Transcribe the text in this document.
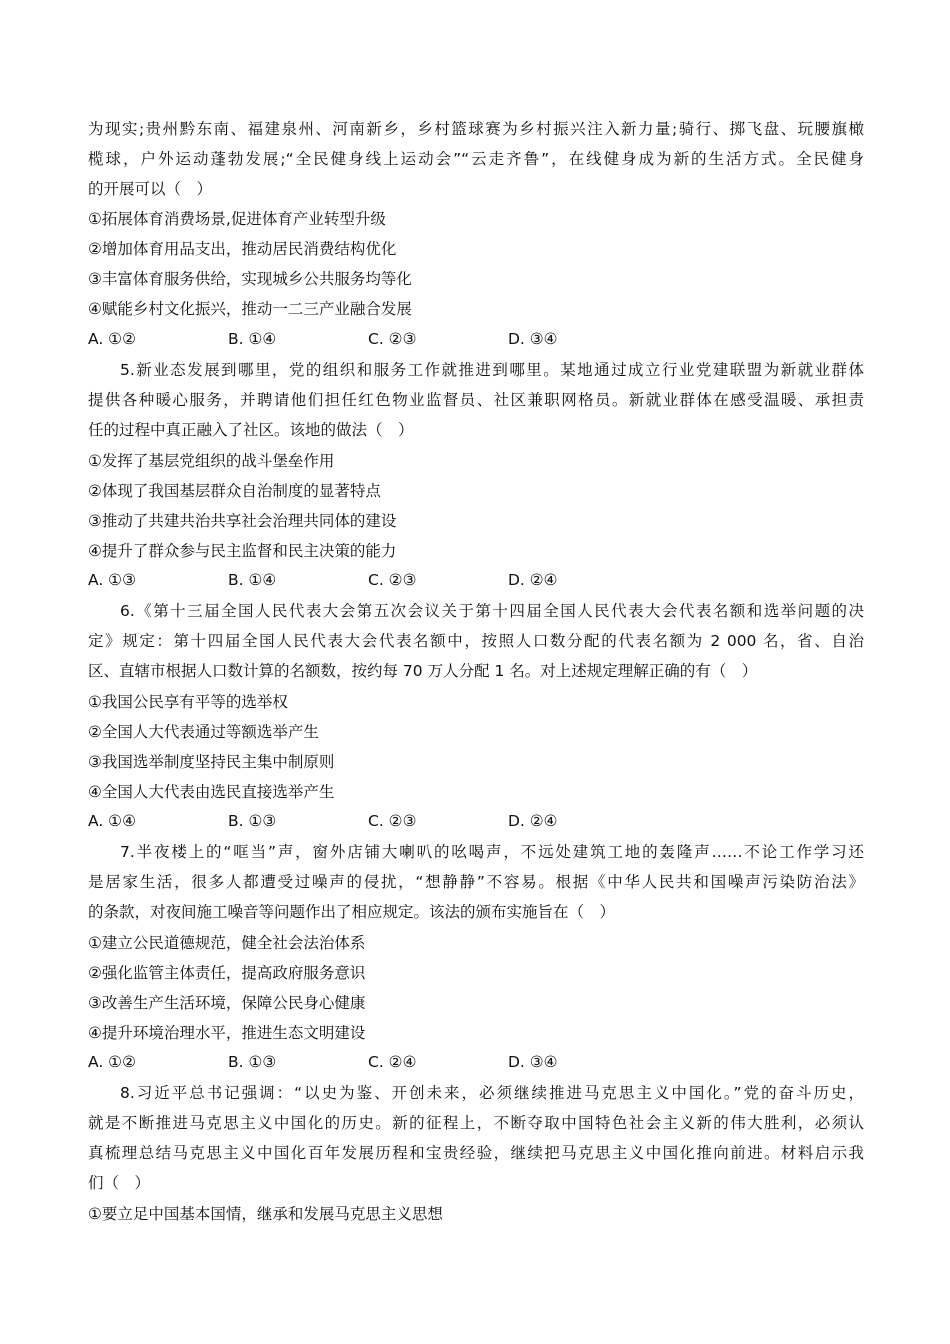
为现实;贵州黔东南、福建泉州、河南新乡，乡村篮球赛为乡村振兴注入新力量;骑行、掷飞盘、玩腰旗橄
榄球，户外运动蓬勃发展;“全民健身线上运动会”“云走齐鲁”，在线健身成为新的生活方式。全民健身
的开展可以（　）
①拓展体育消费场景,促进体育产业转型升级
②增加体育用品支出，推动居民消费结构优化
③丰富体育服务供给，实现城乡公共服务均等化
④赋能乡村文化振兴，推动一二三产业融合发展
A. ①②	B. ①④	C. ②③	D. ③④
5.新业态发展到哪里，党的组织和服务工作就推进到哪里。某地通过成立行业党建联盟为新就业群体
提供各种暖心服务，并聘请他们担任红色物业监督员、社区兼职网格员。新就业群体在感受温暖、承担责
任的过程中真正融入了社区。该地的做法（　）
①发挥了基层党组织的战斗堡垒作用
②体现了我国基层群众自治制度的显著特点
③推动了共建共治共享社会治理共同体的建设
④提升了群众参与民主监督和民主决策的能力
A. ①③	B. ①④	C. ②③	D. ②④
6.《第十三届全国人民代表大会第五次会议关于第十四届全国人民代表大会代表名额和选举问题的决
定》规定：第十四届全国人民代表大会代表名额中，按照人口数分配的代表名额为 2 000 名，省、自治
区、直辖市根据人口数计算的名额数，按约每 70 万人分配 1 名。对上述规定理解正确的有（　）
①我国公民享有平等的选举权
②全国人大代表通过等额选举产生
③我国选举制度坚持民主集中制原则
④全国人大代表由选民直接选举产生
A. ①④	B. ①③	C. ②③	D. ②④
7.半夜楼上的“哐当”声，窗外店铺大喇叭的吆喝声，不远处建筑工地的轰隆声……不论工作学习还
是居家生活，很多人都遭受过噪声的侵扰，“想静静”不容易。根据《中华人民共和国噪声污染防治法》
的条款，对夜间施工噪音等问题作出了相应规定。该法的颁布实施旨在（　）
①建立公民道德规范，健全社会法治体系
②强化监管主体责任，提高政府服务意识
③改善生产生活环境，保障公民身心健康
④提升环境治理水平，推进生态文明建设
A. ①②	B. ①③	C. ②④	D. ③④
8.习近平总书记强调：“以史为鉴、开创未来，必须继续推进马克思主义中国化。”党的奋斗历史，
就是不断推进马克思主义中国化的历史。新的征程上，不断夺取中国特色社会主义新的伟大胜利，必须认
真梳理总结马克思主义中国化百年发展历程和宝贵经验，继续把马克思主义中国化推向前进。材料启示我
们（　）
①要立足中国基本国情，继承和发展马克思主义思想
